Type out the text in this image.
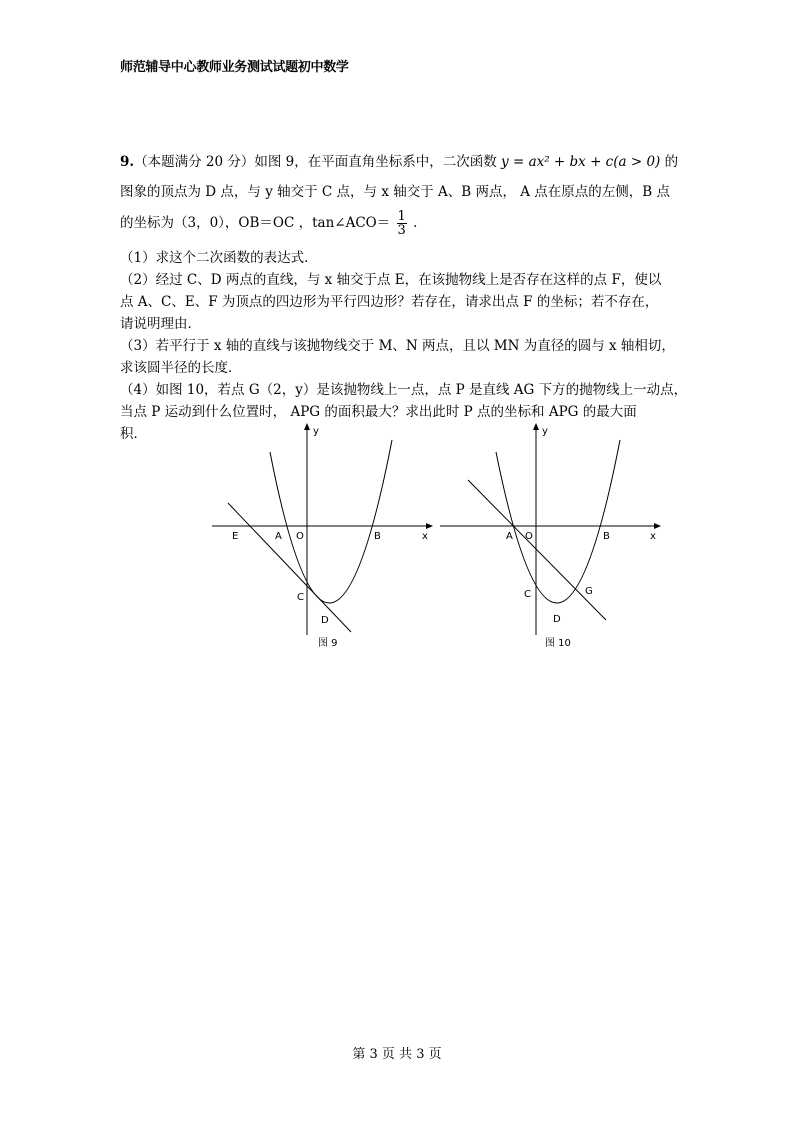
师范辅导中心教师业务测试试题初中数学
9.（本题满分 20 分）如图 9，在平面直角坐标系中，二次函数 y = ax² + bx + c(a > 0) 的
图象的顶点为 D 点，与 y 轴交于 C 点，与 x 轴交于 A、B 两点， A 点在原点的左侧，B 点
的坐标为（3，0），OB＝OC ，tan∠ACO＝ $\frac{1}{3}$ .
（1）求这个二次函数的表达式．
（2）经过 C、D 两点的直线，与 x 轴交于点 E，在该抛物线上是否存在这样的点 F，使以
点 A、C、E、F 为顶点的四边形为平行四边形？若存在，请求出点 F 的坐标；若不存在，
请说明理由．
（3）若平行于 x 轴的直线与该抛物线交于 M、N 两点，且以 MN 为直径的圆与 x 轴相切，
求该圆半径的长度．
（4）如图 10，若点 G（2，y）是该抛物线上一点，点 P 是直线 AG 下方的抛物线上一动点，
当点 P 运动到什么位置时， APG 的面积最大？求出此时 P 点的坐标和 APG 的最大面
积．	y
x
O
A	B
E
C
D
图 9
y
x
O
A	B
C
D
G
图 10
第 3 页 共 3 页
